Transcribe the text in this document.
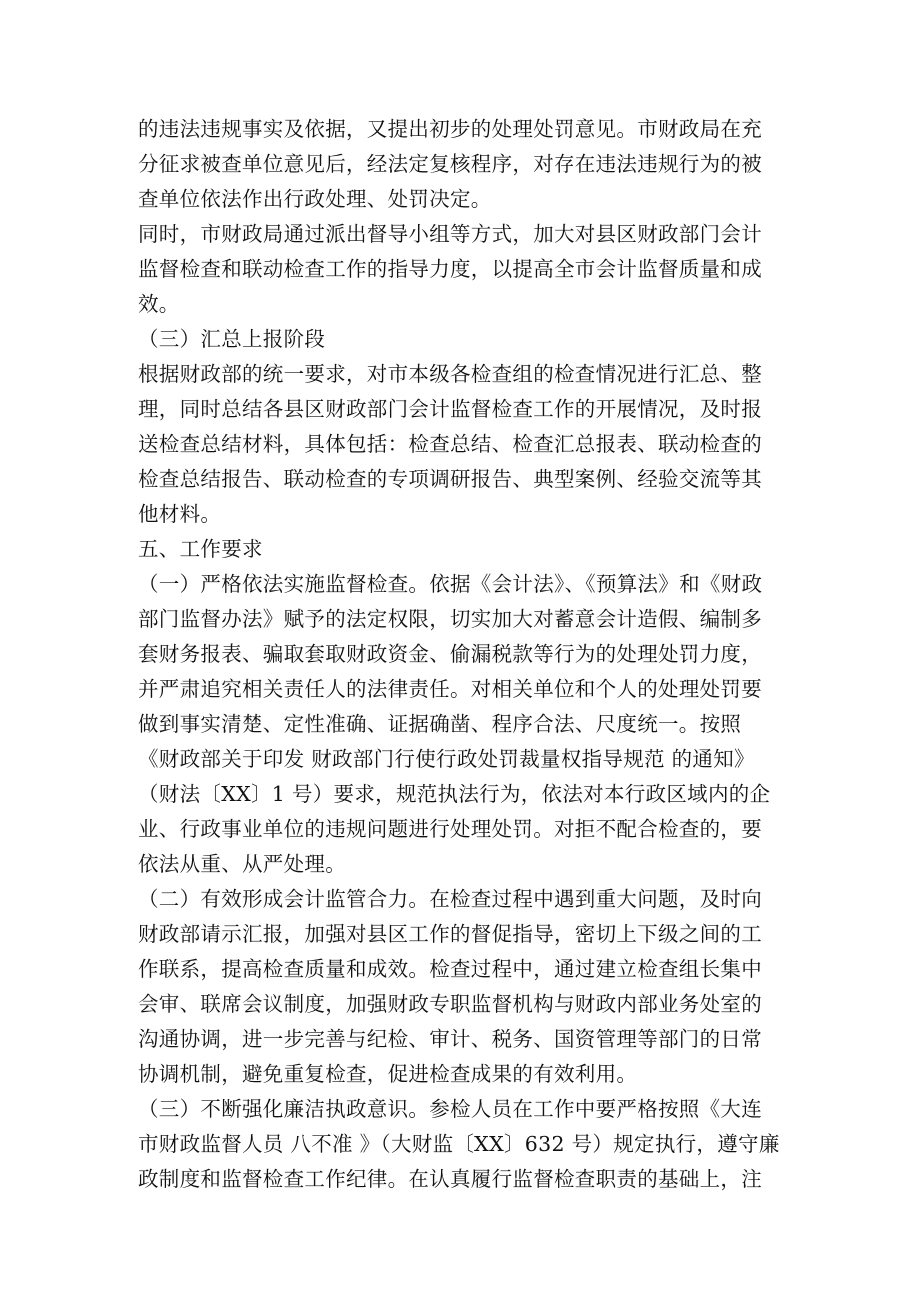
的违法违规事实及依据，又提出初步的处理处罚意见。市财政局在充
分征求被查单位意见后，经法定复核程序，对存在违法违规行为的被
查单位依法作出行政处理、处罚决定。
同时，市财政局通过派出督导小组等方式，加大对县区财政部门会计
监督检查和联动检查工作的指导力度，以提高全市会计监督质量和成
效。
（三）汇总上报阶段
根据财政部的统一要求，对市本级各检查组的检查情况进行汇总、整
理，同时总结各县区财政部门会计监督检查工作的开展情况，及时报
送检查总结材料，具体包括：检查总结、检查汇总报表、联动检查的
检查总结报告、联动检查的专项调研报告、典型案例、经验交流等其
他材料。
五、工作要求
（一）严格依法实施监督检查。依据《会计法》、《预算法》和《财政
部门监督办法》赋予的法定权限，切实加大对蓄意会计造假、编制多
套财务报表、骗取套取财政资金、偷漏税款等行为的处理处罚力度，
并严肃追究相关责任人的法律责任。对相关单位和个人的处理处罚要
做到事实清楚、定性准确、证据确凿、程序合法、尺度统一。按照
《财政部关于印发 财政部门行使行政处罚裁量权指导规范 的通知》
（财法〔XX〕1 号）要求，规范执法行为，依法对本行政区域内的企
业、行政事业单位的违规问题进行处理处罚。对拒不配合检查的，要
依法从重、从严处理。
（二）有效形成会计监管合力。在检查过程中遇到重大问题，及时向
财政部请示汇报，加强对县区工作的督促指导，密切上下级之间的工
作联系，提高检查质量和成效。检查过程中，通过建立检查组长集中
会审、联席会议制度，加强财政专职监督机构与财政内部业务处室的
沟通协调，进一步完善与纪检、审计、税务、国资管理等部门的日常
协调机制，避免重复检查，促进检查成果的有效利用。
（三）不断强化廉洁执政意识。参检人员在工作中要严格按照《大连
市财政监督人员 八不准 》（大财监〔XX〕632 号）规定执行，遵守廉
政制度和监督检查工作纪律。在认真履行监督检查职责的基础上，注
